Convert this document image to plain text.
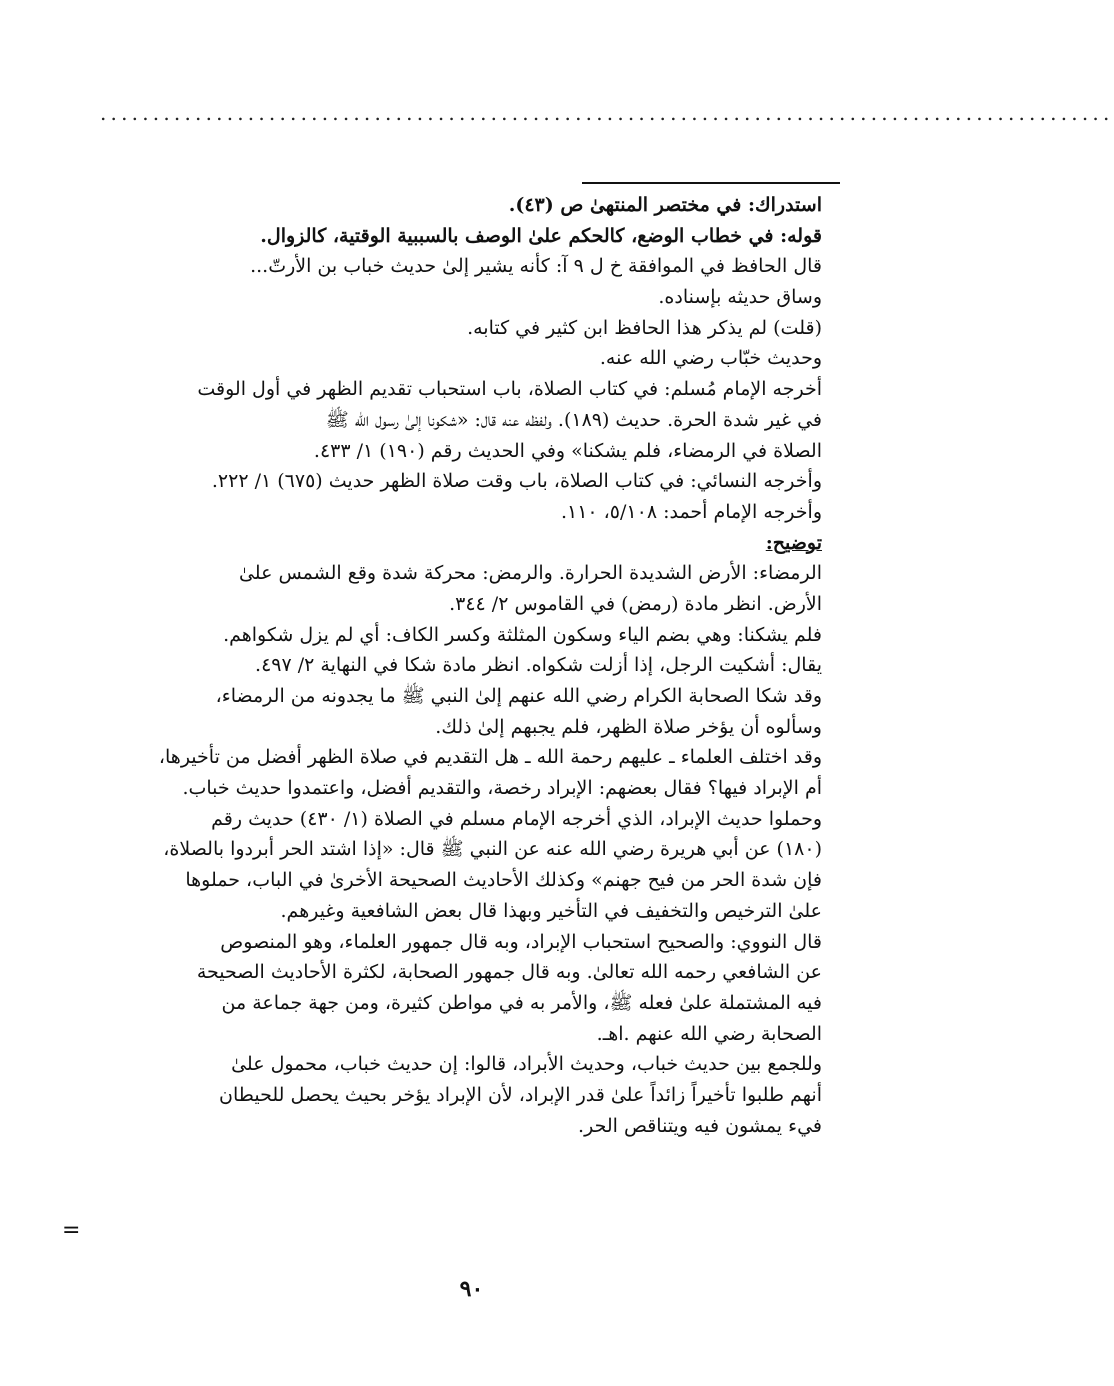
................................................................................................

استدراك: في مختصر المنتهىٰ ص (٤٣).

قوله: في خطاب الوضع، كالحكم علىٰ الوصف بالسببية الوقتية، كالزوال.

قال الحافظ في الموافقة خ ل ٩ آ: كأنه يشير إلىٰ حديث خباب بن الأرتّ...

وساق حديثه بإسناده.

(قلت) لم يذكر هذا الحافظ ابن كثير في كتابه.

وحديث خبّاب رضي الله عنه.

أخرجه الإمام مُسلم: في كتاب الصلاة، باب استحباب تقديم الظهر في أول الوقت

في غير شدة الحرة. حديث (١٨٩). ولفظه عنه قال: «شكونا إلىٰ رسول الله ﷺ

الصلاة في الرمضاء، فلم يشكنا» وفي الحديث رقم (١٩٠) ١/ ٤٣٣.

وأخرجه النسائي: في كتاب الصلاة، باب وقت صلاة الظهر حديث (٦٧٥) ١/ ٢٢٢.

وأخرجه الإمام أحمد: ٥/١٠٨، ١١٠.

توضيح:

الرمضاء: الأرض الشديدة الحرارة. والرمض: محركة شدة وقع الشمس علىٰ

الأرض. انظر مادة (رمض) في القاموس ٢/ ٣٤٤.

فلم يشكنا: وهي بضم الياء وسكون المثلثة وكسر الكاف: أي لم يزل شكواهم.

يقال: أشكيت الرجل، إذا أزلت شكواه. انظر مادة شكا في النهاية ٢/ ٤٩٧.

وقد شكا الصحابة الكرام رضي الله عنهم إلىٰ النبي ﷺ ما يجدونه من الرمضاء،

وسألوه أن يؤخر صلاة الظهر، فلم يجبهم إلىٰ ذلك.

وقد اختلف العلماء ـ عليهم رحمة الله ـ هل التقديم في صلاة الظهر أفضل من تأخيرها،

أم الإبراد فيها؟ فقال بعضهم: الإبراد رخصة، والتقديم أفضل، واعتمدوا حديث خباب.

وحملوا حديث الإبراد، الذي أخرجه الإمام مسلم في الصلاة (١/ ٤٣٠) حديث رقم

(١٨٠) عن أبي هريرة رضي الله عنه عن النبي ﷺ قال: «إذا اشتد الحر أبردوا بالصلاة،

فإن شدة الحر من فيح جهنم» وكذلك الأحاديث الصحيحة الأخرىٰ في الباب، حملوها

علىٰ الترخيص والتخفيف في التأخير وبهذا قال بعض الشافعية وغيرهم.

قال النووي: والصحيح استحباب الإبراد، وبه قال جمهور العلماء، وهو المنصوص

عن الشافعي رحمه الله تعالىٰ. وبه قال جمهور الصحابة، لكثرة الأحاديث الصحيحة

فيه المشتملة علىٰ فعله ﷺ، والأمر به في مواطن كثيرة، ومن جهة جماعة من

الصحابة رضي الله عنهم .اهـ.

وللجمع بين حديث خباب، وحديث الأبراد، قالوا: إن حديث خباب، محمول علىٰ

أنهم طلبوا تأخيراً زائداً علىٰ قدر الإبراد، لأن الإبراد يؤخر بحيث يحصل للحيطان

فيء يمشون فيه ويتناقص الحر.

=
٩٠
